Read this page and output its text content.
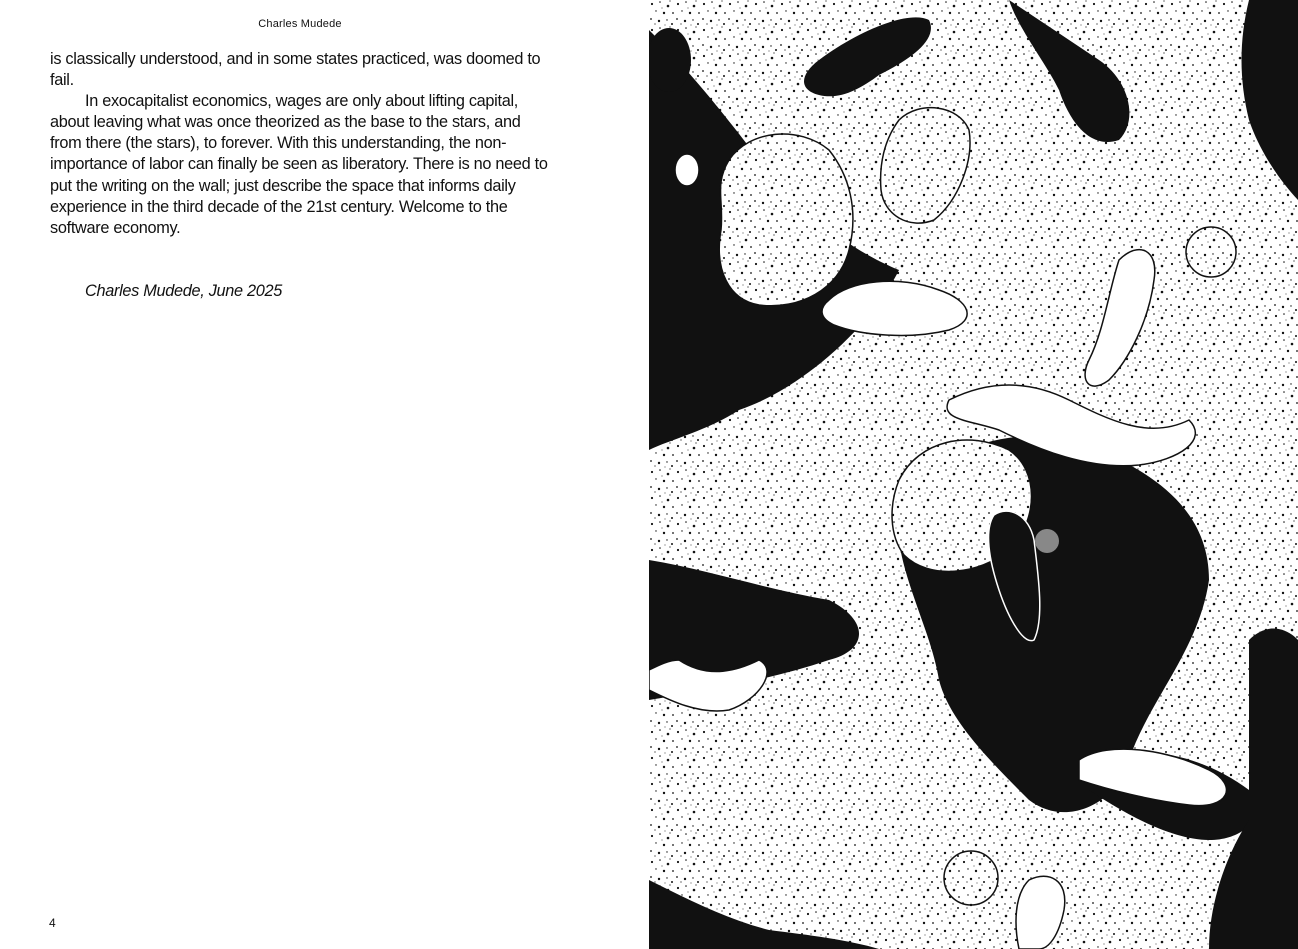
Charles Mudede

is classically understood, and in some states practiced, was doomed to fail.

In exocapitalist economics, wages are only about lifting capital, about leaving what was once theorized as the base to the stars, and from there (the stars), to forever. With this understanding, the non-importance of labor can finally be seen as liberatory. There is no need to put the writing on the wall; just describe the space that informs daily experience in the third decade of the 21st century. Welcome to the software economy.

Charles Mudede, June 2025
4
